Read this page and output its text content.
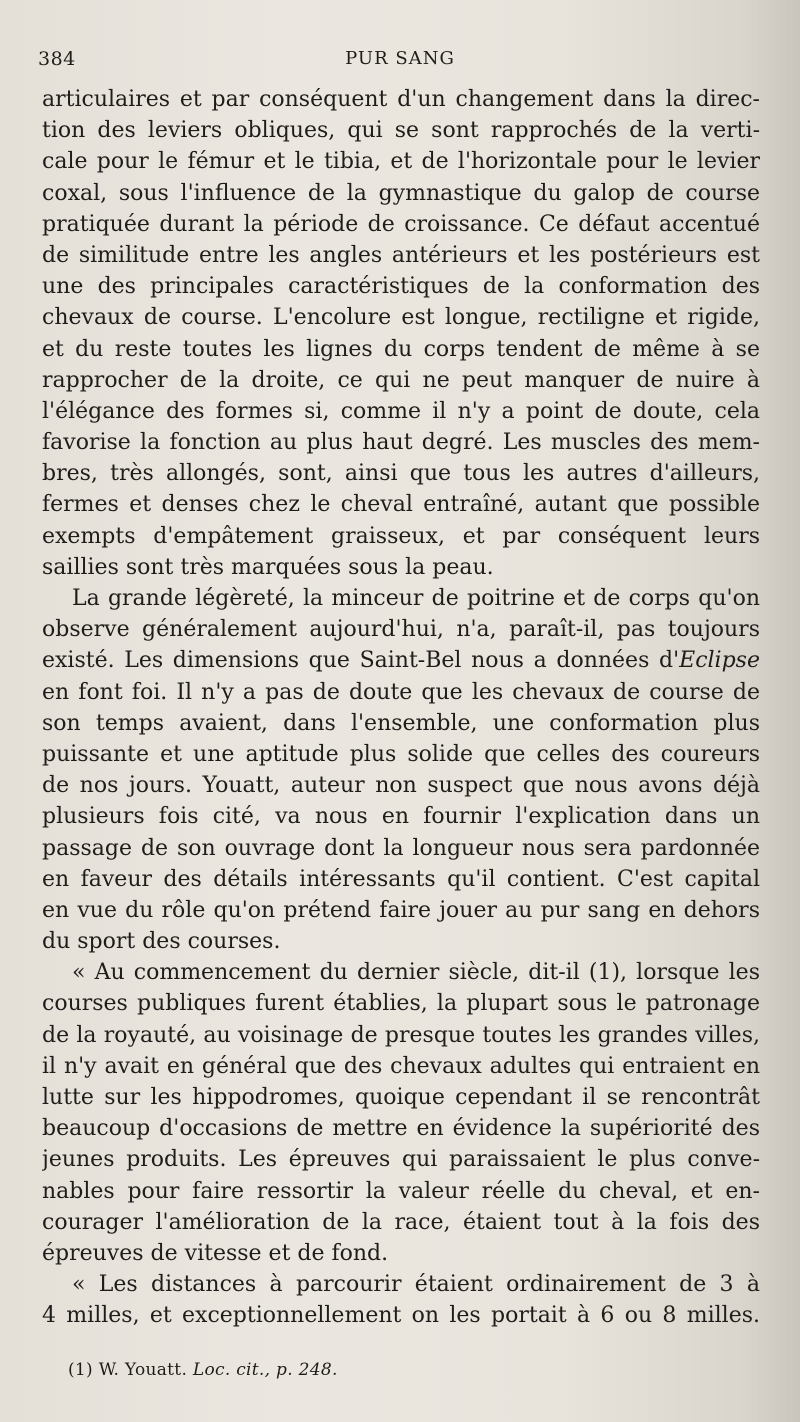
384	PUR SANG
articulaires et par conséquent d'un changement dans la direc-
tion des leviers obliques, qui se sont rapprochés de la verti-
cale pour le fémur et le tibia, et de l'horizontale pour le levier
coxal, sous l'influence de la gymnastique du galop de course
pratiquée durant la période de croissance. Ce défaut accentué
de similitude entre les angles antérieurs et les postérieurs est
une des principales caractéristiques de la conformation des
chevaux de course. L'encolure est longue, rectiligne et rigide,
et du reste toutes les lignes du corps tendent de même à se
rapprocher de la droite, ce qui ne peut manquer de nuire à
l'élégance des formes si, comme il n'y a point de doute, cela
favorise la fonction au plus haut degré. Les muscles des mem-
bres, très allongés, sont, ainsi que tous les autres d'ailleurs,
fermes et denses chez le cheval entraîné, autant que possible
exempts d'empâtement graisseux, et par conséquent leurs
saillies sont très marquées sous la peau.
La grande légèreté, la minceur de poitrine et de corps qu'on
observe généralement aujourd'hui, n'a, paraît-il, pas toujours
existé. Les dimensions que Saint-Bel nous a données d'Eclipse
en font foi. Il n'y a pas de doute que les chevaux de course de
son temps avaient, dans l'ensemble, une conformation plus
puissante et une aptitude plus solide que celles des coureurs
de nos jours. Youatt, auteur non suspect que nous avons déjà
plusieurs fois cité, va nous en fournir l'explication dans un
passage de son ouvrage dont la longueur nous sera pardonnée
en faveur des détails intéressants qu'il contient. C'est capital
en vue du rôle qu'on prétend faire jouer au pur sang en dehors
du sport des courses.
« Au commencement du dernier siècle, dit-il (1), lorsque les
courses publiques furent établies, la plupart sous le patronage
de la royauté, au voisinage de presque toutes les grandes villes,
il n'y avait en général que des chevaux adultes qui entraient en
lutte sur les hippodromes, quoique cependant il se rencontrât
beaucoup d'occasions de mettre en évidence la supériorité des
jeunes produits. Les épreuves qui paraissaient le plus conve-
nables pour faire ressortir la valeur réelle du cheval, et en-
courager l'amélioration de la race, étaient tout à la fois des
épreuves de vitesse et de fond.
« Les distances à parcourir étaient ordinairement de 3 à
4 milles, et exceptionnellement on les portait à 6 ou 8 milles.
(1) W. Youatt. Loc. cit., p. 248.
